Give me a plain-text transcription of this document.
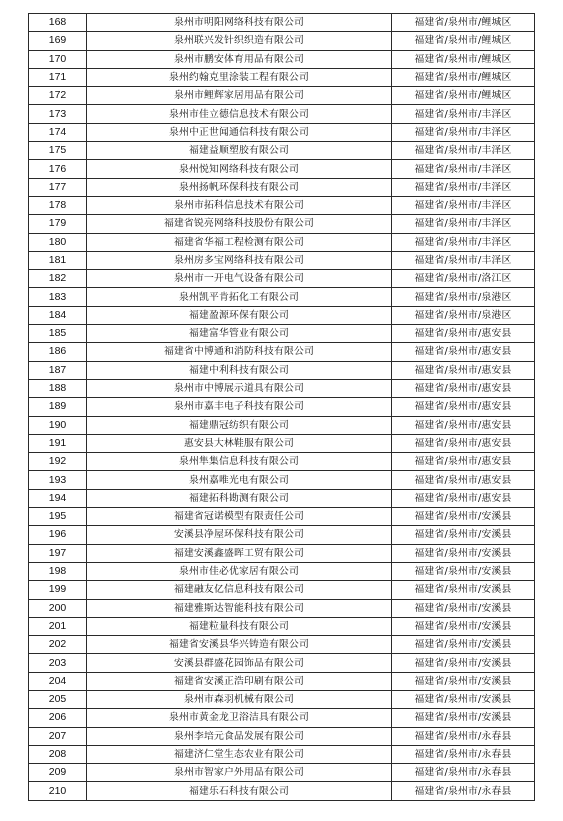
168	泉州市明阳网络科技有限公司	福建省/泉州市/鲤城区
169	泉州联兴发针织织造有限公司	福建省/泉州市/鲤城区
170	泉州市鹏安体育用品有限公司	福建省/泉州市/鲤城区
171	泉州约翰克里涂装工程有限公司	福建省/泉州市/鲤城区
172	泉州市鲤辉家居用品有限公司	福建省/泉州市/鲤城区
173	泉州市佳立德信息技术有限公司	福建省/泉州市/丰泽区
174	泉州中正世闻通信科技有限公司	福建省/泉州市/丰泽区
175	福建益顺塑胶有限公司	福建省/泉州市/丰泽区
176	泉州悦知网络科技有限公司	福建省/泉州市/丰泽区
177	泉州扬帆环保科技有限公司	福建省/泉州市/丰泽区
178	泉州市拓科信息技术有限公司	福建省/泉州市/丰泽区
179	福建省锐亮网络科技股份有限公司	福建省/泉州市/丰泽区
180	福建省华福工程检测有限公司	福建省/泉州市/丰泽区
181	泉州房多宝网络科技有限公司	福建省/泉州市/丰泽区
182	泉州市一开电气设备有限公司	福建省/泉州市/洛江区
183	泉州凯平肯拓化工有限公司	福建省/泉州市/泉港区
184	福建盈源环保有限公司	福建省/泉州市/泉港区
185	福建富华管业有限公司	福建省/泉州市/惠安县
186	福建省中博通和消防科技有限公司	福建省/泉州市/惠安县
187	福建中利科技有限公司	福建省/泉州市/惠安县
188	泉州市中博展示道具有限公司	福建省/泉州市/惠安县
189	泉州市嘉丰电子科技有限公司	福建省/泉州市/惠安县
190	福建鼎冠纺织有限公司	福建省/泉州市/惠安县
191	惠安县大林鞋服有限公司	福建省/泉州市/惠安县
192	泉州隼集信息科技有限公司	福建省/泉州市/惠安县
193	泉州嘉唯光电有限公司	福建省/泉州市/惠安县
194	福建拓科勘测有限公司	福建省/泉州市/惠安县
195	福建省冠诺模型有限责任公司	福建省/泉州市/安溪县
196	安溪县净屋环保科技有限公司	福建省/泉州市/安溪县
197	福建安溪鑫盛晖工贸有限公司	福建省/泉州市/安溪县
198	泉州市佳必优家居有限公司	福建省/泉州市/安溪县
199	福建融友亿信息科技有限公司	福建省/泉州市/安溪县
200	福建雅斯达智能科技有限公司	福建省/泉州市/安溪县
201	福建粒量科技有限公司	福建省/泉州市/安溪县
202	福建省安溪县华兴铸造有限公司	福建省/泉州市/安溪县
203	安溪县群盛花园饰品有限公司	福建省/泉州市/安溪县
204	福建省安溪正浩印刷有限公司	福建省/泉州市/安溪县
205	泉州市森羽机械有限公司	福建省/泉州市/安溪县
206	泉州市黄金龙卫浴洁具有限公司	福建省/泉州市/安溪县
207	泉州李培元食品发展有限公司	福建省/泉州市/永春县
208	福建济仁堂生态农业有限公司	福建省/泉州市/永春县
209	泉州市智家户外用品有限公司	福建省/泉州市/永春县
210	福建乐石科技有限公司	福建省/泉州市/永春县
